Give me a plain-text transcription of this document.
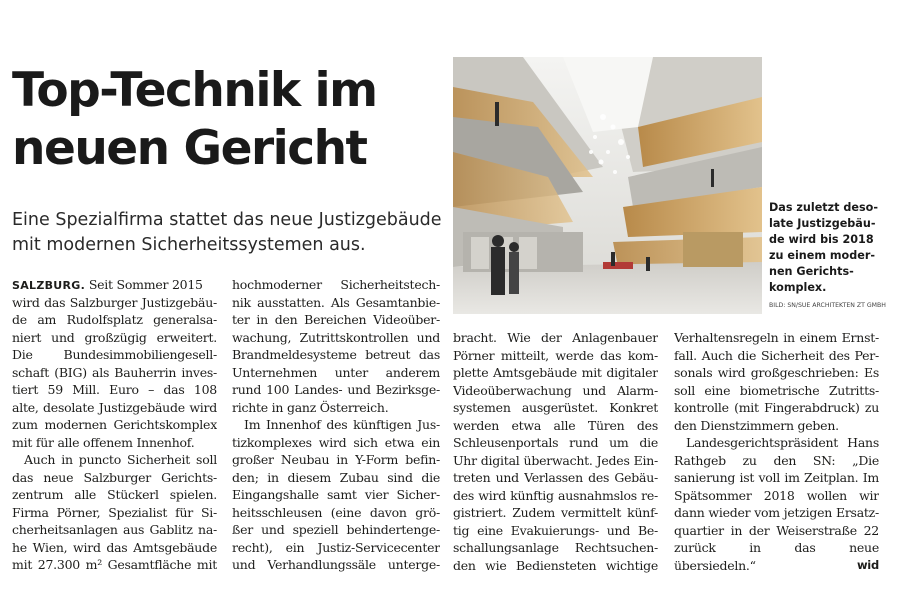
Top-Technik im
neuen Gericht

Eine Spezialfirma stattet das neue Justizgebäude
mit modernen Sicherheitssystemen aus.

Das zuletzt deso-
late Justizgebäu-
de wird bis 2018
zu einem moder-
nen Gerichts-
komplex.
BILD: SN/SUE ARCHITEKTEN ZT GMBH
SALZBURG. Seit Sommer 2015
wird das Salzburger Justizgebäu-
de am Rudolfsplatz generalsa-
niert und großzügig erweitert.
Die Bundesimmobiliengesell-
schaft (BIG) als Bauherrin inves-
tiert 59 Mill. Euro – das 108
alte, desolate Justizgebäude wird
zum modernen Gerichtskomplex
mit für alle offenem Innenhof.
Auch in puncto Sicherheit soll
das neue Salzburger Gerichts-
zentrum alle Stückerl spielen.
Firma Pörner, Spezialist für Si-
cherheitsanlagen aus Gablitz na-
he Wien, wird das Amtsgebäude
mit 27.300 m² Gesamtfläche mit
hochmoderner Sicherheitstech-
nik ausstatten. Als Gesamtanbie-
ter in den Bereichen Videoüber-
wachung, Zutrittskontrollen und
Brandmeldesysteme betreut das
Unternehmen unter anderem
rund 100 Landes- und Bezirksge-
richte in ganz Österreich.
Im Innenhof des künftigen Jus-
tizkomplexes wird sich etwa ein
großer Neubau in Y-Form befin-
den; in diesem Zubau sind die
Eingangshalle samt vier Sicher-
heitsschleusen (eine davon grö-
ßer und speziell behindertenge-
recht), ein Justiz-Servicecenter
und Verhandlungssäle unterge-
bracht. Wie der Anlagenbauer
Pörner mitteilt, werde das kom-
plette Amtsgebäude mit digitaler
Videoüberwachung und Alarm-
systemen ausgerüstet. Konkret
werden etwa alle Türen des
Schleusenportals rund um die
Uhr digital überwacht. Jedes Ein-
treten und Verlassen des Gebäu-
des wird künftig ausnahmslos re-
gistriert. Zudem vermittelt künf-
tig eine Evakuierungs- und Be-
schallungsanlage Rechtsuchen-
den wie Bediensteten wichtige
Verhaltensregeln in einem Ernst-
fall. Auch die Sicherheit des Per-
sonals wird großgeschrieben: Es
soll eine biometrische Zutritts-
kontrolle (mit Fingerabdruck) zu
den Dienstzimmern geben.
Landesgerichtspräsident Hans
Rathgeb zu den SN: „Die
sanierung ist voll im Zeitplan. Im
Spätsommer 2018 wollen wir
dann wieder vom jetzigen Ersatz-
quartier in der Weiserstraße 22
zurück in das neue
übersiedeln.“	wid
